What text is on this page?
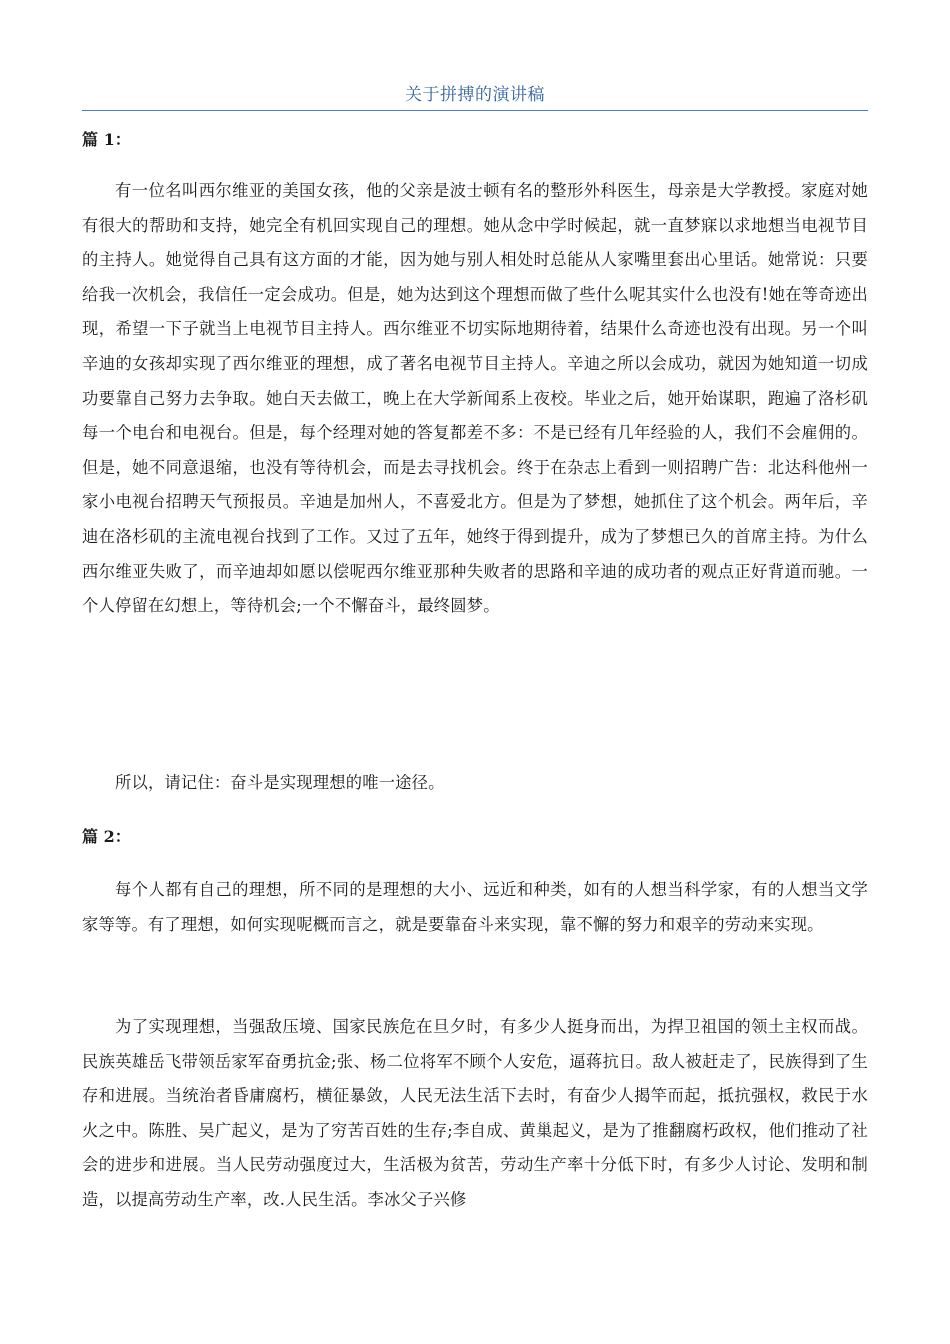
关于拼搏的演讲稿
篇 1：

有一位名叫西尔维亚的美国女孩，他的父亲是波士顿有名的整形外科医生，母亲是大学教授。家庭对她有很大的帮助和支持，她完全有机回实现自己的理想。她从念中学时候起，就一直梦寐以求地想当电视节目的主持人。她觉得自己具有这方面的才能，因为她与别人相处时总能从人家嘴里套出心里话。她常说：只要给我一次机会，我信任一定会成功。但是，她为达到这个理想而做了些什么呢其实什么也没有!她在等奇迹出现，希望一下子就当上电视节目主持人。西尔维亚不切实际地期待着，结果什么奇迹也没有出现。另一个叫辛迪的女孩却实现了西尔维亚的理想，成了著名电视节目主持人。辛迪之所以会成功，就因为她知道一切成功要靠自己努力去争取。她白天去做工，晚上在大学新闻系上夜校。毕业之后，她开始谋职，跑遍了洛杉矶每一个电台和电视台。但是，每个经理对她的答复都差不多：不是已经有几年经验的人，我们不会雇佣的。但是，她不同意退缩，也没有等待机会，而是去寻找机会。终于在杂志上看到一则招聘广告：北达科他州一家小电视台招聘天气预报员。辛迪是加州人，不喜爱北方。但是为了梦想，她抓住了这个机会。两年后，辛迪在洛杉矶的主流电视台找到了工作。又过了五年，她终于得到提升，成为了梦想已久的首席主持。为什么西尔维亚失败了，而辛迪却如愿以偿呢西尔维亚那种失败者的思路和辛迪的成功者的观点正好背道而驰。一个人停留在幻想上，等待机会;一个不懈奋斗，最终圆梦。

所以，请记住：奋斗是实现理想的唯一途径。

篇 2：

每个人都有自己的理想，所不同的是理想的大小、远近和种类，如有的人想当科学家，有的人想当文学家等等。有了理想，如何实现呢概而言之，就是要靠奋斗来实现，靠不懈的努力和艰辛的劳动来实现。

为了实现理想，当强敌压境、国家民族危在旦夕时，有多少人挺身而出，为捍卫祖国的领土主权而战。民族英雄岳飞带领岳家军奋勇抗金;张、杨二位将军不顾个人安危，逼蒋抗日。敌人被赶走了，民族得到了生存和进展。当统治者昏庸腐朽，横征暴敛，人民无法生活下去时，有奋少人揭竿而起，抵抗强权，救民于水火之中。陈胜、吴广起义，是为了穷苦百姓的生存;李自成、黄巢起义，是为了推翻腐朽政权，他们推动了社会的进步和进展。当人民劳动强度过大，生活极为贫苦，劳动生产率十分低下时，有多少人讨论、发明和制造，以提高劳动生产率，改.人民生活。李冰父子兴修
